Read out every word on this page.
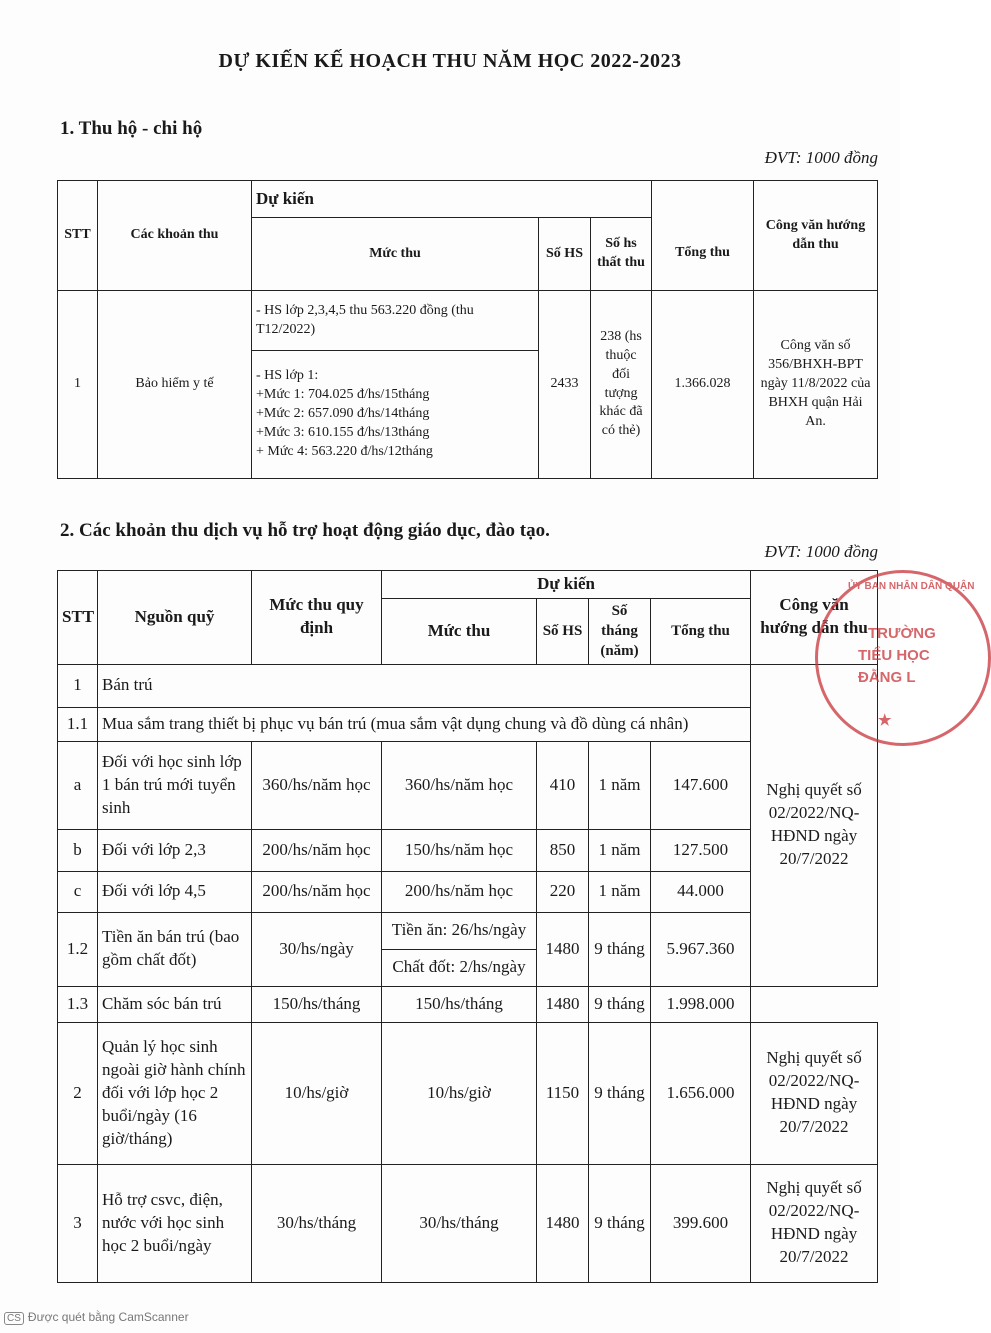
DỰ KIẾN KẾ HOẠCH THU NĂM HỌC 2022-2023
1. Thu hộ - chi hộ
ĐVT: 1000 đồng
STT	Các khoản thu	Dự kiến				Công văn hướng dẫn thu
		Mức thu	Số HS	Số hs thất thu	Tổng thu	
1	Bảo hiểm y tế	- HS lớp 2,3,4,5 thu 563.220 đồng (thu T12/2022)	2433	238 (hs thuộc đối tượng khác đã có thẻ)	1.366.028	Công văn số 356/BHXH-BPT ngày 11/8/2022 của BHXH quận Hải An.

		- HS lớp 1:
+Mức 1: 704.025 đ/hs/15tháng
+Mức 2: 657.090 đ/hs/14tháng
+Mức 3: 610.155 đ/hs/13tháng
+ Mức 4: 563.220 đ/hs/12tháng				
2. Các khoản thu dịch vụ hỗ trợ hoạt động giáo dục, đào tạo.
ĐVT: 1000 đồng
STT	Nguồn quỹ	Mức thu quy định	Dự kiến				Công văn hướng dẫn thu
			Mức thu	Số HS	Số tháng (năm)	Tổng thu	
1	Bán trú						Nghị quyết số 02/2022/NQ-HĐND ngày 20/7/2022
1.1	Mua sắm trang thiết bị phục vụ bán trú (mua sắm vật dụng chung và đồ dùng cá nhân)						
a	Đối với học sinh lớp 1 bán trú mới tuyển sinh	360/hs/năm học	360/hs/năm học	410	1 năm	147.600	
b	Đối với lớp 2,3	200/hs/năm học	150/hs/năm học	850	1 năm	127.500	
c	Đối với lớp 4,5	200/hs/năm học	200/hs/năm học	220	1 năm	44.000	
1.2	Tiền ăn bán trú (bao gồm chất đốt)	30/hs/ngày	Tiền ăn: 26/hs/ngày	1480	9 tháng	5.967.360	
			Chất đốt: 2/hs/ngày				
1.3	Chăm sóc bán trú	150/hs/tháng	150/hs/tháng	1480	9 tháng	1.998.000	
2	Quản lý học sinh ngoài giờ hành chính đối với lớp học 2 buổi/ngày (16 giờ/tháng)	10/hs/giờ	10/hs/giờ	1150	9 tháng	1.656.000	Nghị quyết số 02/2022/NQ-HĐND ngày 20/7/2022
3	Hỗ trợ csvc, điện, nước với học sinh học 2 buổi/ngày	30/hs/tháng	30/hs/tháng	1480	9 tháng	399.600	Nghị quyết số 02/2022/NQ-HĐND ngày 20/7/2022
ỦY BAN NHÂN DÂN QUẬN
TRƯỜNG
TIỂU HỌC
ĐẰNG L
★
CS Được quét bằng CamScanner
